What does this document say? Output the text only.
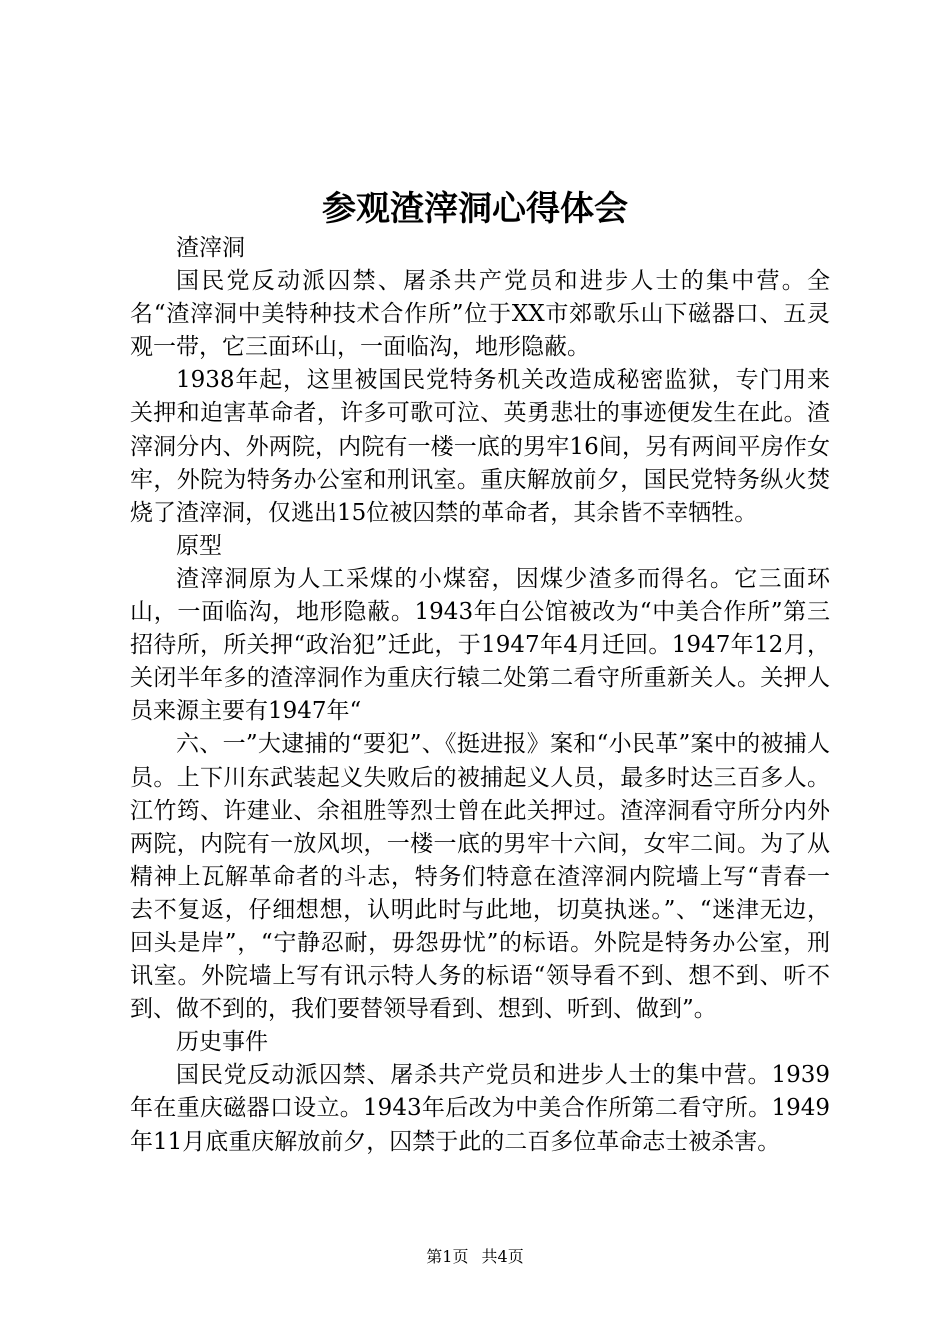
参观渣滓洞心得体会

渣滓洞

国民党反动派囚禁、屠杀共产党员和进步人士的集中营。全名“渣滓洞中美特种技术合作所”位于XX市郊歌乐山下磁器口、五灵观一带，它三面环山，一面临沟，地形隐蔽。

1938年起，这里被国民党特务机关改造成秘密监狱，专门用来关押和迫害革命者，许多可歌可泣、英勇悲壮的事迹便发生在此。渣滓洞分内、外两院，内院有一楼一底的男牢16间，另有两间平房作女牢，外院为特务办公室和刑讯室。重庆解放前夕，国民党特务纵火焚烧了渣滓洞，仅逃出15位被囚禁的革命者，其余皆不幸牺牲。

原型

渣滓洞原为人工采煤的小煤窑，因煤少渣多而得名。它三面环山，一面临沟，地形隐蔽。1943年白公馆被改为“中美合作所”第三招待所，所关押“政治犯”迁此，于1947年4月迁回。1947年12月，关闭半年多的渣滓洞作为重庆行辕二处第二看守所重新关人。关押人员来源主要有1947年“

六、一”大逮捕的“要犯”、《挺进报》案和“小民革”案中的被捕人员。上下川东武装起义失败后的被捕起义人员，最多时达三百多人。江竹筠、许建业、余祖胜等烈士曾在此关押过。渣滓洞看守所分内外两院，内院有一放风坝，一楼一底的男牢十六间，女牢二间。为了从精神上瓦解革命者的斗志，特务们特意在渣滓洞内院墙上写“青春一去不复返，仔细想想，认明此时与此地，切莫执迷。”、“迷津无边，回头是岸”，“宁静忍耐，毋怨毋忧”的标语。外院是特务办公室，刑讯室。外院墙上写有讯示特人务的标语“领导看不到、想不到、听不到、做不到的，我们要替领导看到、想到、听到、做到”。

历史事件

国民党反动派囚禁、屠杀共产党员和进步人士的集中营。1939年在重庆磁器口设立。1943年后改为中美合作所第二看守所。1949年11月底重庆解放前夕，囚禁于此的二百多位革命志士被杀害。

第1页 共4页
